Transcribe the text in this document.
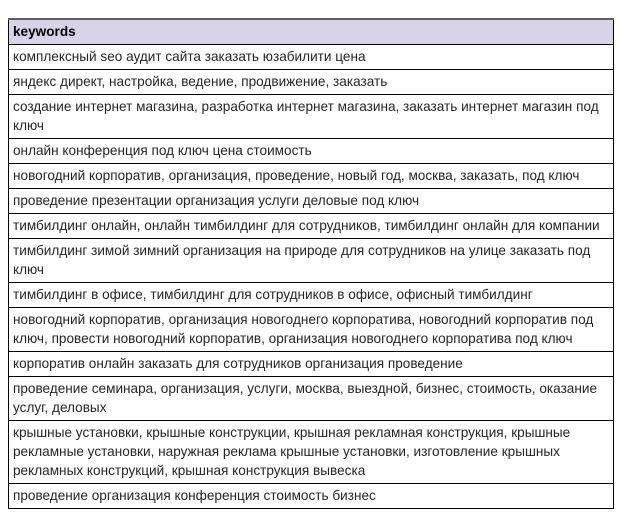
keywords
комплексный seo аудит сайта заказать юзабилити цена
яндекс директ, настройка, ведение, продвижение, заказать
создание интернет магазина, разработка интернет магазина, заказать интернет магазин под ключ
онлайн конференция под ключ цена стоимость
новогодний корпоратив, организация, проведение, новый год, москва, заказать, под ключ
проведение презентации организация услуги деловые под ключ
тимбилдинг онлайн, онлайн тимбилдинг для сотрудников, тимбилдинг онлайн для компании
тимбилдинг зимой зимний организация на природе для сотрудников на улице заказать под ключ
тимбилдинг в офисе, тимбилдинг для сотрудников в офисе, офисный тимбилдинг
новогодний корпоратив, организация новогоднего корпоратива, новогодний корпоратив под ключ, провести новогодний корпоратив, организация новогоднего корпоратива под ключ
корпоратив онлайн заказать для сотрудников организация проведение
проведение семинара, организация, услуги, москва, выездной, бизнес, стоимость, оказание услуг, деловых
крышные установки, крышные конструкции, крышная рекламная конструкция, крышные рекламные установки, наружная реклама крышные установки, изготовление крышных рекламных конструкций, крышная конструкция вывеска
проведение организация конференция стоимость бизнес
